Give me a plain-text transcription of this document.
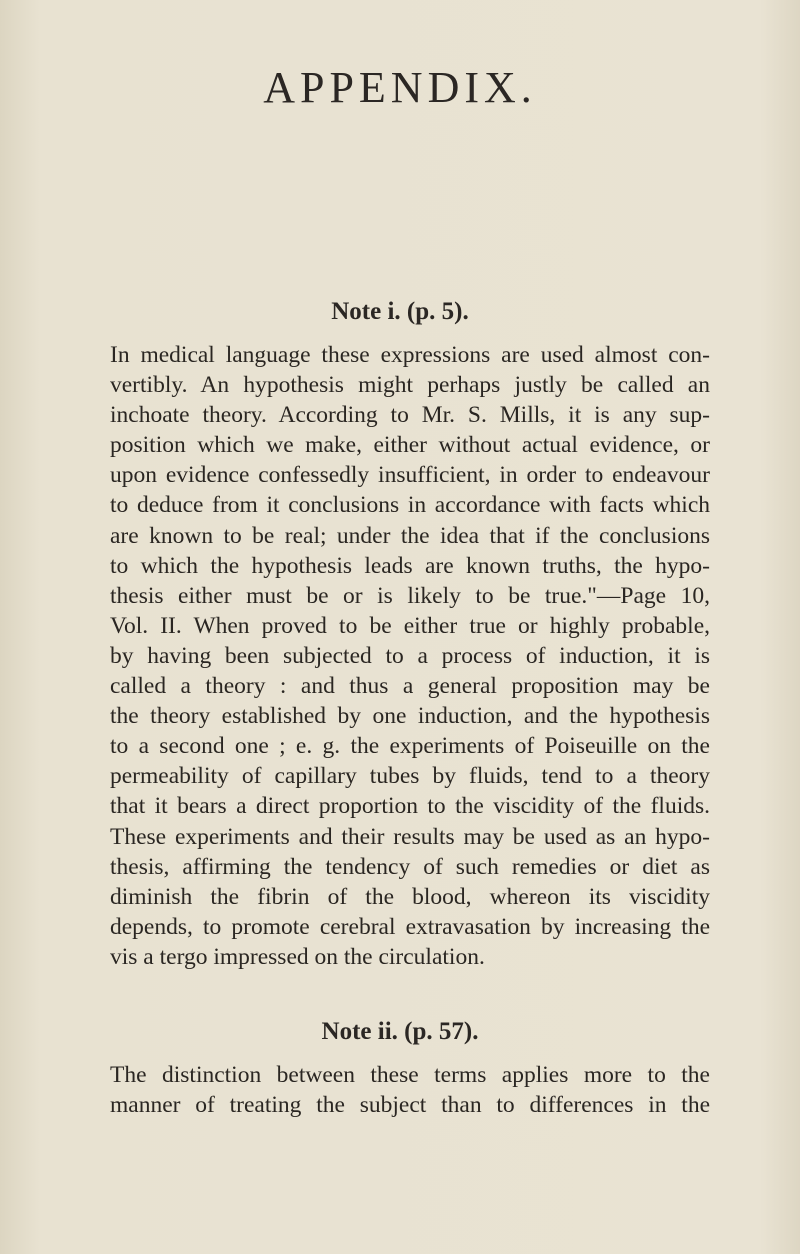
APPENDIX.
Note i. (p. 5).

In medical language these expressions are used almost con-
vertibly. An hypothesis might perhaps justly be called an
inchoate theory. According to Mr. S. Mills, it is any sup-
position which we make, either without actual evidence, or
upon evidence confessedly insufficient, in order to endeavour
to deduce from it conclusions in accordance with facts which
are known to be real; under the idea that if the conclusions
to which the hypothesis leads are known truths, the hypo-
thesis either must be or is likely to be true."—Page 10,
Vol. II. When proved to be either true or highly probable,
by having been subjected to a process of induction, it is
called a theory : and thus a general proposition may be
the theory established by one induction, and the hypothesis
to a second one ; e. g. the experiments of Poiseuille on the
permeability of capillary tubes by fluids, tend to a theory
that it bears a direct proportion to the viscidity of the fluids.
These experiments and their results may be used as an hypo-
thesis, affirming the tendency of such remedies or diet as
diminish the fibrin of the blood, whereon its viscidity
depends, to promote cerebral extravasation by increasing the
vis a tergo impressed on the circulation.

Note ii. (p. 57).

The distinction between these terms applies more to the
manner of treating the subject than to differences in the
